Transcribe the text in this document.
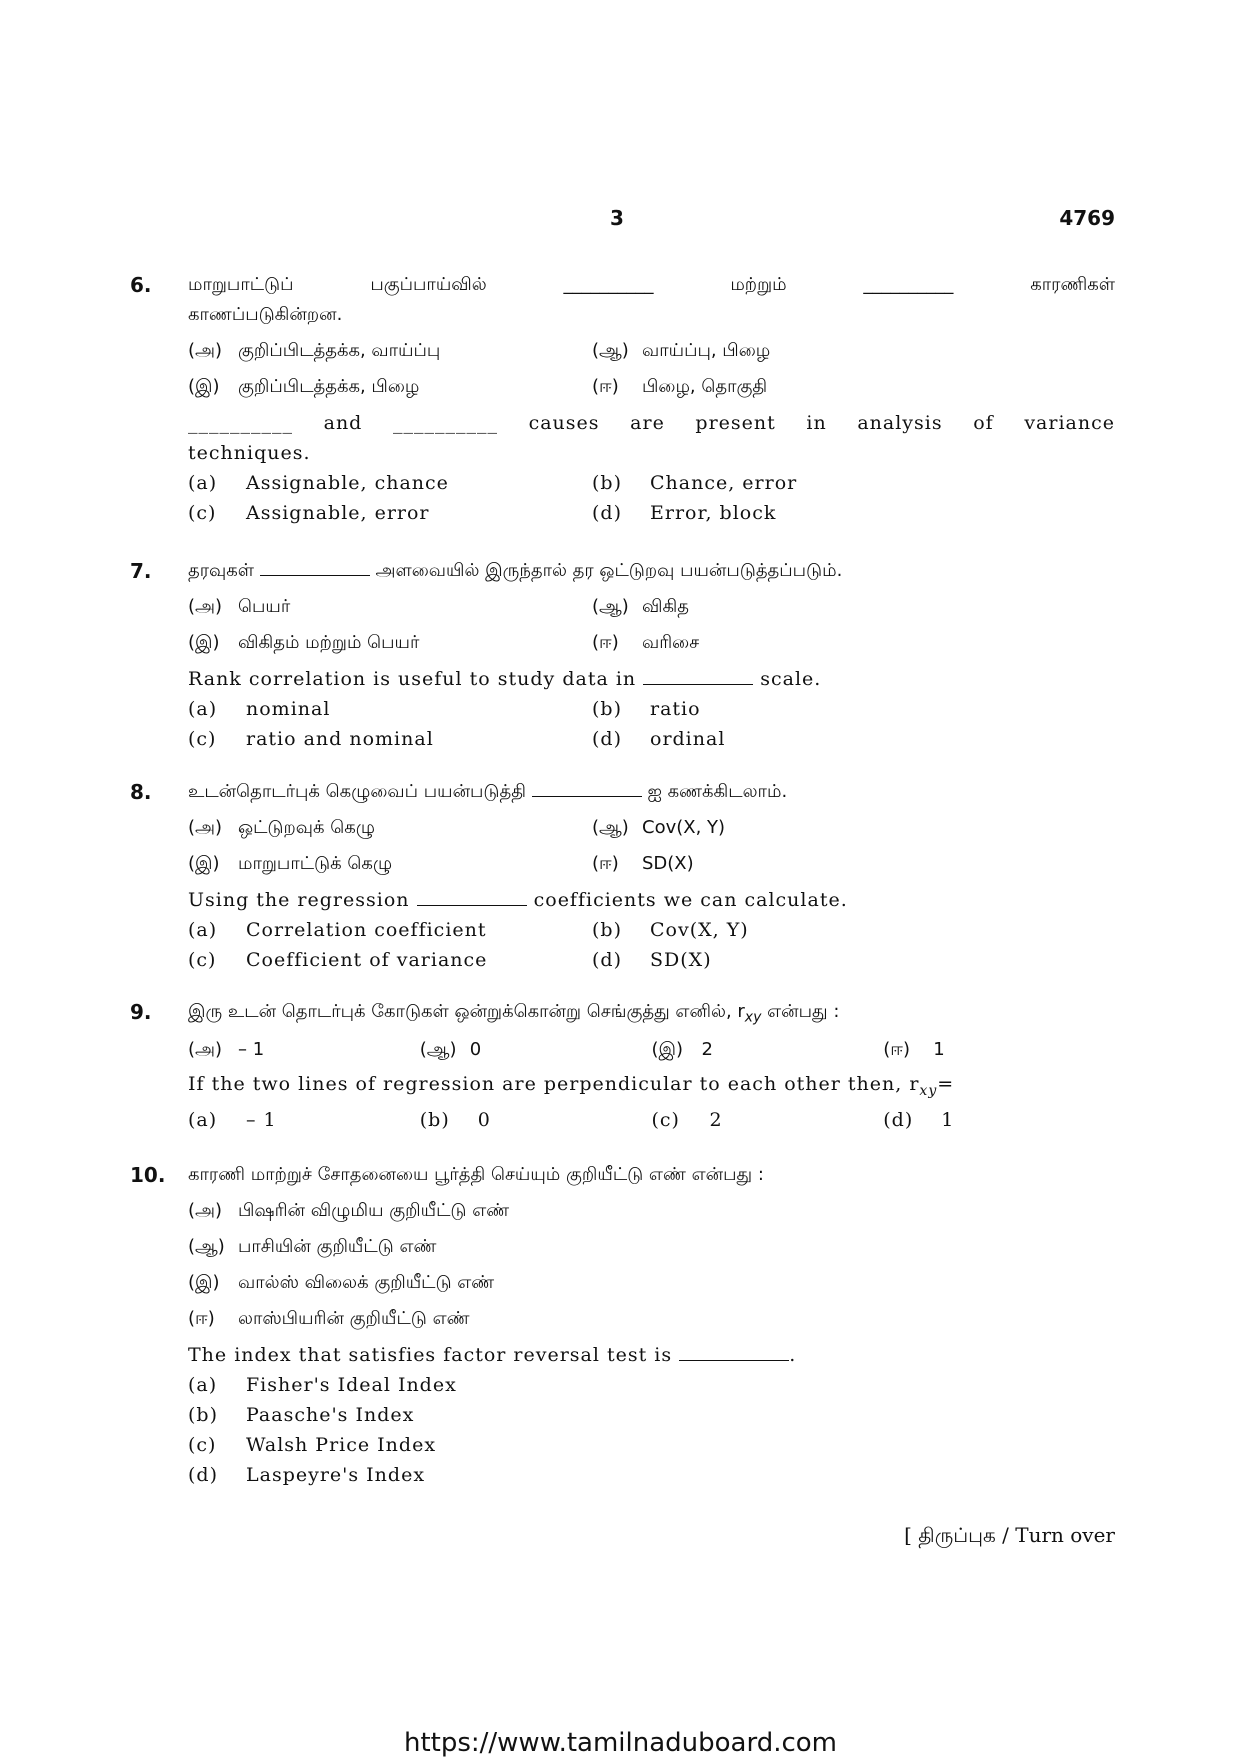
3	4769
6. மாறுபாட்டுப் பகுப்பாய்வில் __________ மற்றும் __________ காரணிகள்
காணப்படுகின்றன.
(அ) குறிப்பிடத்தக்க, வாய்ப்பு	(ஆ) வாய்ப்பு, பிழை
(இ)	குறிப்பிடத்தக்க, பிழை	(ஈ)	பிழை, தொகுதி
__________ and __________ causes are present in analysis of variance
techniques.
(a)	Assignable, chance	(b)	Chance, error
(c)	Assignable, error	(d)	Error, block
7. தரவுகள்	அளவையில் இருந்தால் தர ஒட்டுறவு பயன்படுத்தப்படும்.
(அ) பெயர்	(ஆ) விகித
(இ)	விகிதம் மற்றும் பெயர்	(ஈ)	வரிசை
Rank correlation is useful to study data in	scale.
(a)	nominal	(b)	ratio
(c)	ratio and nominal	(d)	ordinal
8. உடன்தொடர்புக் கெழுவைப் பயன்படுத்தி	ஐ கணக்கிடலாம்.
(அ) ஒட்டுறவுக் கெழு	(ஆ) Cov(X, Y)
(இ)	மாறுபாட்டுக் கெழு	(ஈ)	SD(X)
Using the regression	coefficients we can calculate.
(a)	Correlation coefficient	(b)	Cov(X, Y)
(c)	Coefficient of variance	(d)	SD(X)
9. இரு உடன் தொடர்புக் கோடுகள் ஒன்றுக்கொன்று செங்குத்து எனில், $r_{xy}$ என்பது :
(அ) – 1	(ஆ) 0	(இ)	2	(ஈ)	1
If the two lines of regression are perpendicular to each other then, $r_{xy}=$
(a)	– 1	(b)	0	(c)	2	(d)	1
10. காரணி மாற்றுச் சோதனையை பூர்த்தி செய்யும் குறியீட்டு எண் என்பது :
(அ) பிஷரின் விழுமிய குறியீட்டு எண்
(ஆ) பாசியின் குறியீட்டு எண்
(இ) வால்ஸ் விலைக் குறியீட்டு எண்
(ஈ) லாஸ்பியரின் குறியீட்டு எண்
The index that satisfies factor reversal test is	.
(a) Fisher's Ideal Index
(b) Paasche's Index
(c) Walsh Price Index
(d) Laspeyre's Index
[ திருப்புக / Turn over
https://www.tamilnaduboard.com
